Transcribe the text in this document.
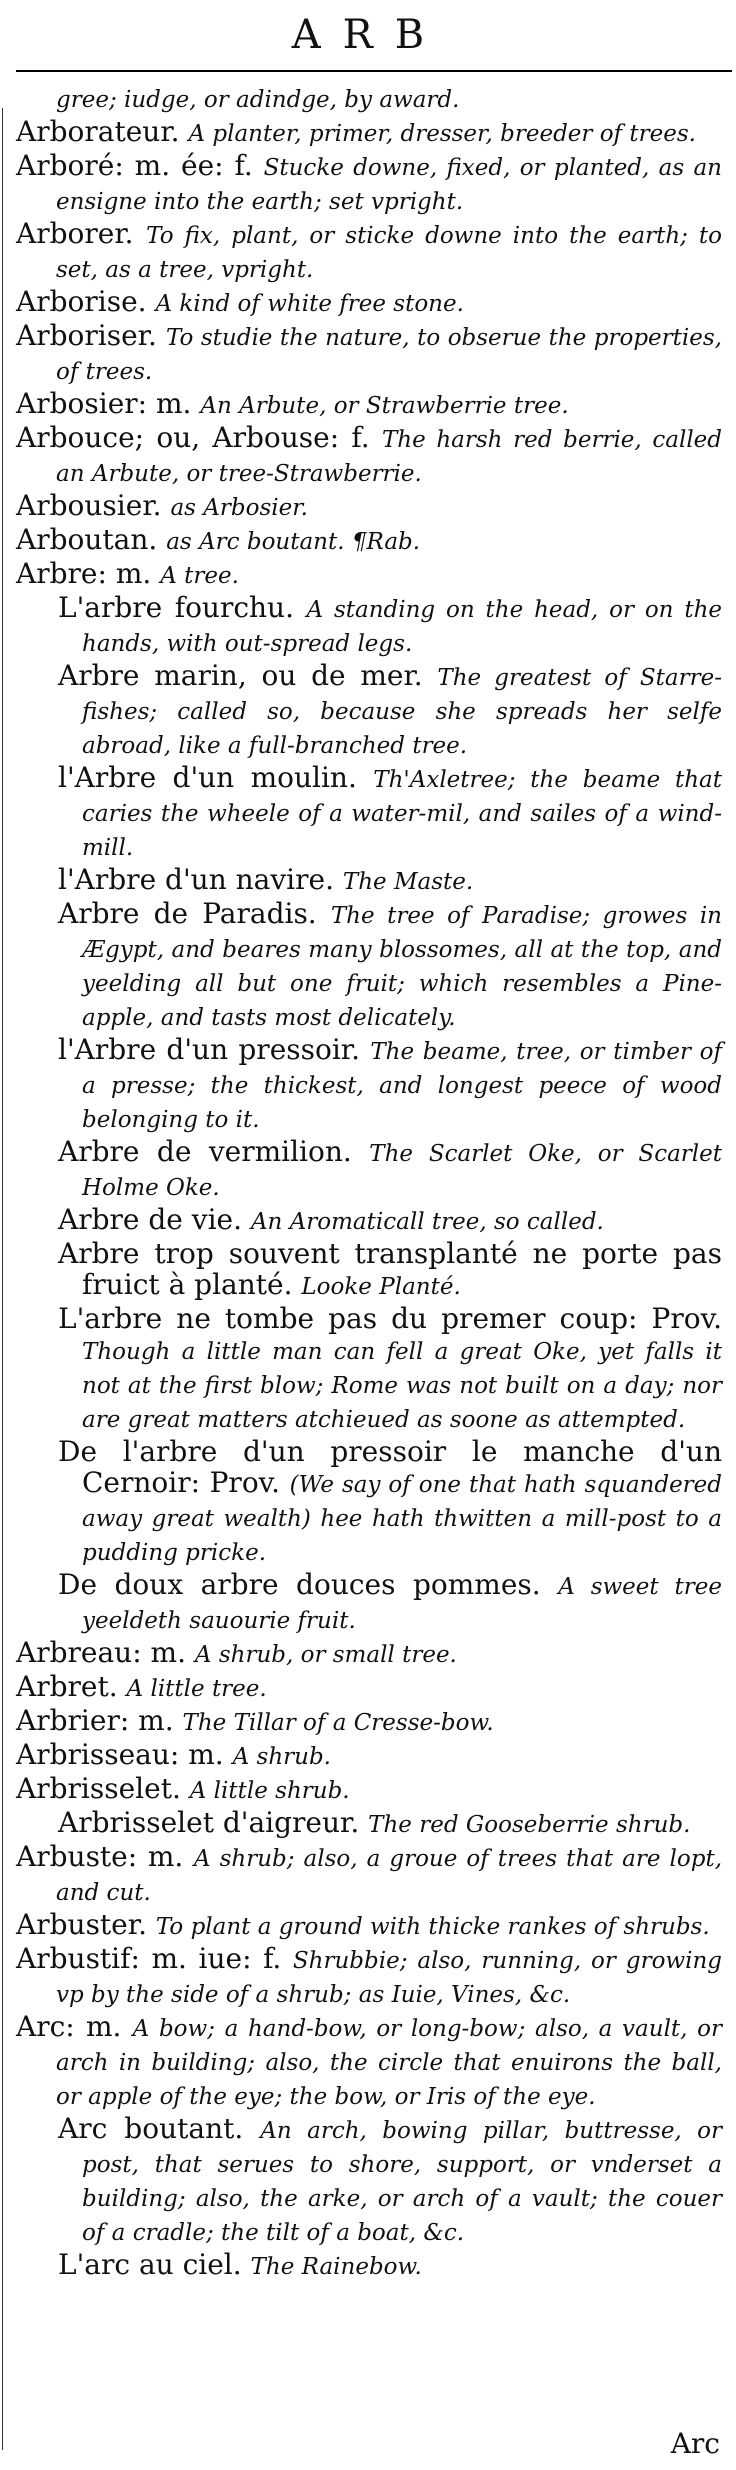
ARB
gree; iudge, or adindge, by award.
Arborateur. A planter, primer, dresser, breeder of trees.
Arboré: m. ée: f. Stucke downe, fixed, or planted, as an ensigne into the earth; set vpright.
Arborer. To fix, plant, or sticke downe into the earth; to set, as a tree, vpright.
Arborise. A kind of white free stone.
Arboriser. To studie the nature, to obserue the properties, of trees.
Arbosier: m. An Arbute, or Strawberrie tree.
Arbouce; ou, Arbouse: f. The harsh red berrie, called an Arbute, or tree-Strawberrie.
Arbousier. as Arbosier.
Arboutan. as Arc boutant. ¶Rab.
Arbre: m. A tree.
L'arbre fourchu. A standing on the head, or on the hands, with out-spread legs.
Arbre marin, ou de mer. The greatest of Starre-fishes; called so, because she spreads her selfe abroad, like a full-branched tree.
l'Arbre d'un moulin. Th'Axletree; the beame that caries the wheele of a water-mil, and sailes of a wind-mill.
l'Arbre d'un navire. The Maste.
Arbre de Paradis. The tree of Paradise; growes in Ægypt, and beares many blossomes, all at the top, and yeelding all but one fruit; which resembles a Pine-apple, and tasts most delicately.
l'Arbre d'un pressoir. The beame, tree, or timber of a presse; the thickest, and longest peece of wood belonging to it.
Arbre de vermilion. The Scarlet Oke, or Scarlet Holme Oke.
Arbre de vie. An Aromaticall tree, so called.
Arbre trop souvent transplanté ne porte pas fruict à planté. Looke Planté.
L'arbre ne tombe pas du premer coup: Prov. Though a little man can fell a great Oke, yet falls it not at the first blow; Rome was not built on a day; nor are great matters atchieued as soone as attempted.
De l'arbre d'un pressoir le manche d'un Cernoir: Prov. (We say of one that hath squandered away great wealth) hee hath thwitten a mill-post to a pudding pricke.
De doux arbre douces pommes. A sweet tree yeeldeth sauourie fruit.
Arbreau: m. A shrub, or small tree.
Arbret. A little tree.
Arbrier: m. The Tillar of a Cresse-bow.
Arbrisseau: m. A shrub.
Arbrisselet. A little shrub.
Arbrisselet d'aigreur. The red Gooseberrie shrub.
Arbuste: m. A shrub; also, a groue of trees that are lopt, and cut.
Arbuster. To plant a ground with thicke rankes of shrubs.
Arbustif: m. iue: f. Shrubbie; also, running, or growing vp by the side of a shrub; as Iuie, Vines, &c.
Arc: m. A bow; a hand-bow, or long-bow; also, a vault, or arch in building; also, the circle that enuirons the ball, or apple of the eye; the bow, or Iris of the eye.
Arc boutant. An arch, bowing pillar, buttresse, or post, that serues to shore, support, or vnderset a building; also, the arke, or arch of a vault; the couer of a cradle; the tilt of a boat, &c.
L'arc au ciel. The Rainebow.
Arc
